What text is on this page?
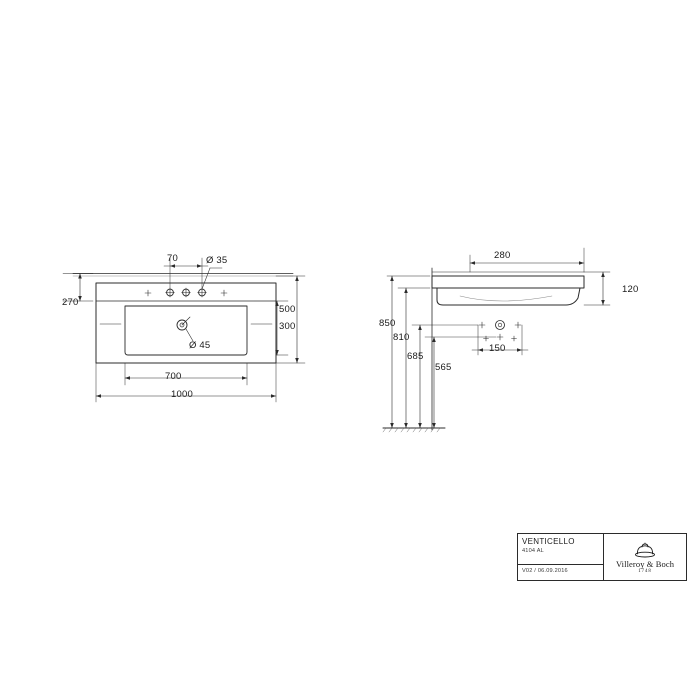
70	Ø 35
270
Ø 45
700
1000
500
300
280
120
850
810
685
565
150
VENTICELLO
4104 AL
V02 / 06.09.2016
Villeroy & Boch
1748
